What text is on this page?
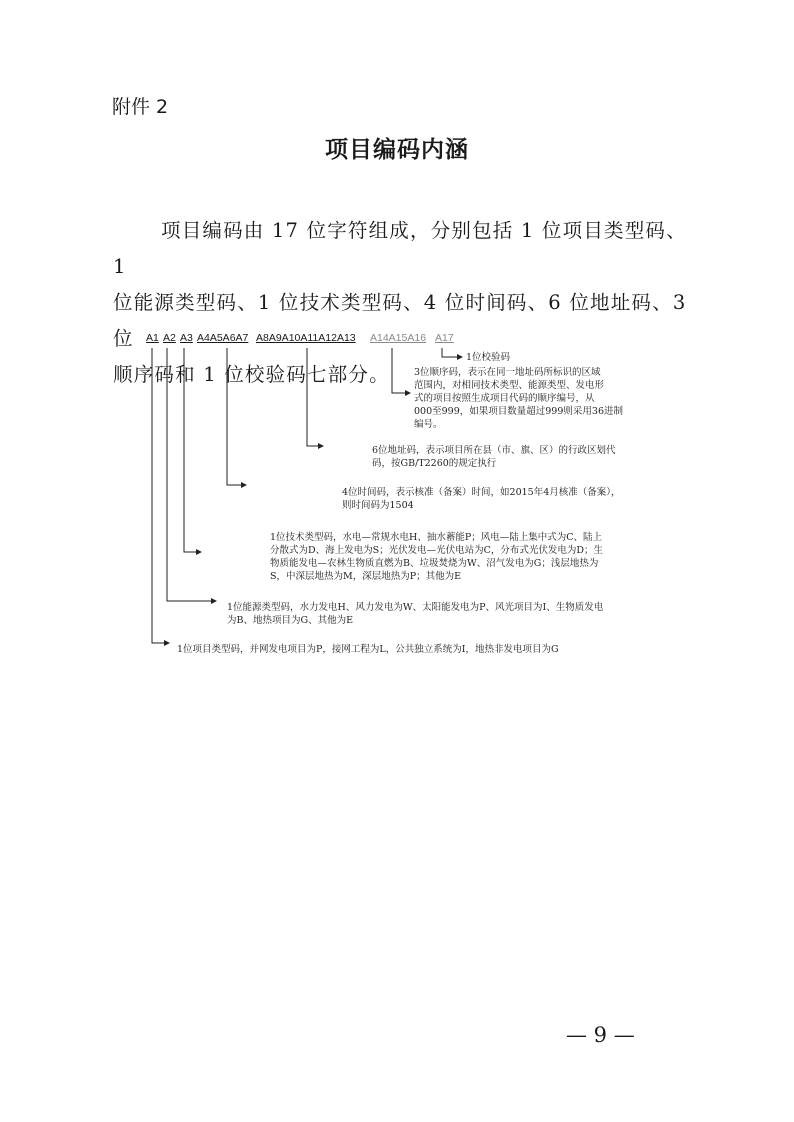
附件 2
项目编码内涵
项目编码由 17 位字符组成，分别包括 1 位项目类型码、1
位能源类型码、1 位技术类型码、4 位时间码、6 位地址码、3 位
顺序码和 1 位校验码七部分。
A1 A2 A3 A4A5A6A7 A8A9A10A11A12A13 A14A15A16 A17
1位校验码
3位顺序码，表示在同一地址码所标识的区域
范围内，对相同技术类型、能源类型、发电形
式的项目按照生成项目代码的顺序编号，从
000至999，如果项目数量超过999则采用36进制
编号。
6位地址码，表示项目所在县（市、旗、区）的行政区划代
码，按GB/T2260的规定执行
4位时间码，表示核准（备案）时间，如2015年4月核准（备案），
则时间码为1504
1位技术类型码，水电—常规水电H、抽水蓄能P；风电—陆上集中式为C、陆上
分散式为D、海上发电为S；光伏发电—光伏电站为C，分布式光伏发电为D；生
物质能发电—农林生物质直燃为B、垃圾焚烧为W、沼气发电为G；浅层地热为
S，中深层地热为M，深层地热为P；其他为E
1位能源类型码，水力发电H、风力发电为W、太阳能发电为P、风光项目为I、生物质发电
为B、地热项目为G、其他为E
1位项目类型码，并网发电项目为P，接网工程为L，公共独立系统为I，地热非发电项目为G
— 9 —
